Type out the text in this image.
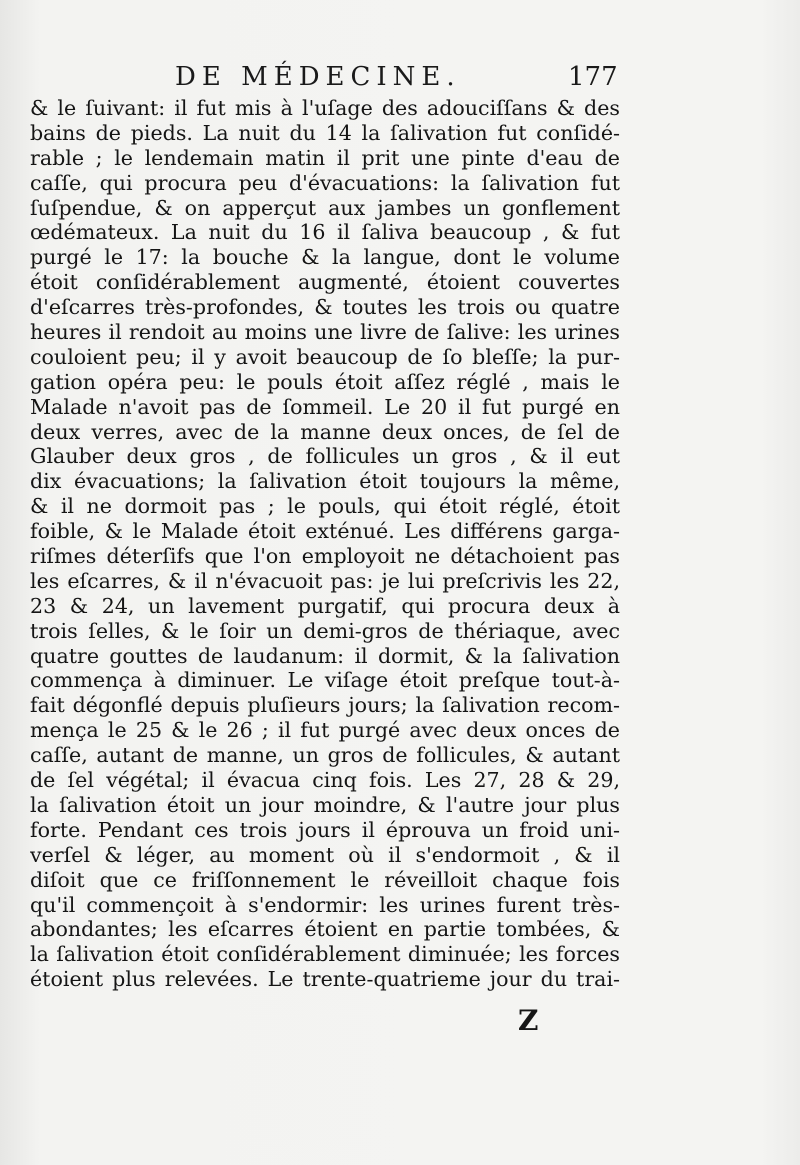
DE MÉDECINE.	177
& le ſuivant: il fut mis à l'uſage des adouciſſans & des
bains de pieds. La nuit du 14 la ſalivation fut conſidé-
rable ; le lendemain matin il prit une pinte d'eau de
caſſe, qui procura peu d'évacuations: la ſalivation fut
ſuſpendue, & on apperçut aux jambes un gonflement
œdémateux. La nuit du 16 il ſaliva beaucoup , & fut
purgé le 17: la bouche & la langue, dont le volume
étoit conſidérablement augmenté, étoient couvertes
d'eſcarres très-profondes, & toutes les trois ou quatre
heures il rendoit au moins une livre de ſalive: les urines
couloient peu; il y avoit beaucoup de ſo bleſſe; la pur-
gation opéra peu: le pouls étoit aſſez réglé , mais le
Malade n'avoit pas de ſommeil. Le 20 il fut purgé en
deux verres, avec de la manne deux onces, de ſel de
Glauber deux gros , de follicules un gros , & il eut
dix évacuations; la ſalivation étoit toujours la même,
& il ne dormoit pas ; le pouls, qui étoit réglé, étoit
foible, & le Malade étoit exténué. Les différens garga-
riſmes déterſifs que l'on employoit ne détachoient pas
les eſcarres, & il n'évacuoit pas: je lui preſcrivis les 22,
23 & 24, un lavement purgatif, qui procura deux à
trois ſelles, & le ſoir un demi-gros de thériaque, avec
quatre gouttes de laudanum: il dormit, & la ſalivation
commença à diminuer. Le viſage étoit preſque tout-à-
fait dégonflé depuis pluſieurs jours; la ſalivation recom-
mença le 25 & le 26 ; il fut purgé avec deux onces de
caſſe, autant de manne, un gros de follicules, & autant
de ſel végétal; il évacua cinq fois. Les 27, 28 & 29,
la ſalivation étoit un jour moindre, & l'autre jour plus
forte. Pendant ces trois jours il éprouva un froid uni-
verſel & léger, au moment où il s'endormoit , & il
diſoit que ce friſſonnement le réveilloit chaque fois
qu'il commençoit à s'endormir: les urines furent très-
abondantes; les eſcarres étoient en partie tombées, &
la ſalivation étoit conſidérablement diminuée; les forces
étoient plus relevées. Le trente-quatrieme jour du trai-
Z
